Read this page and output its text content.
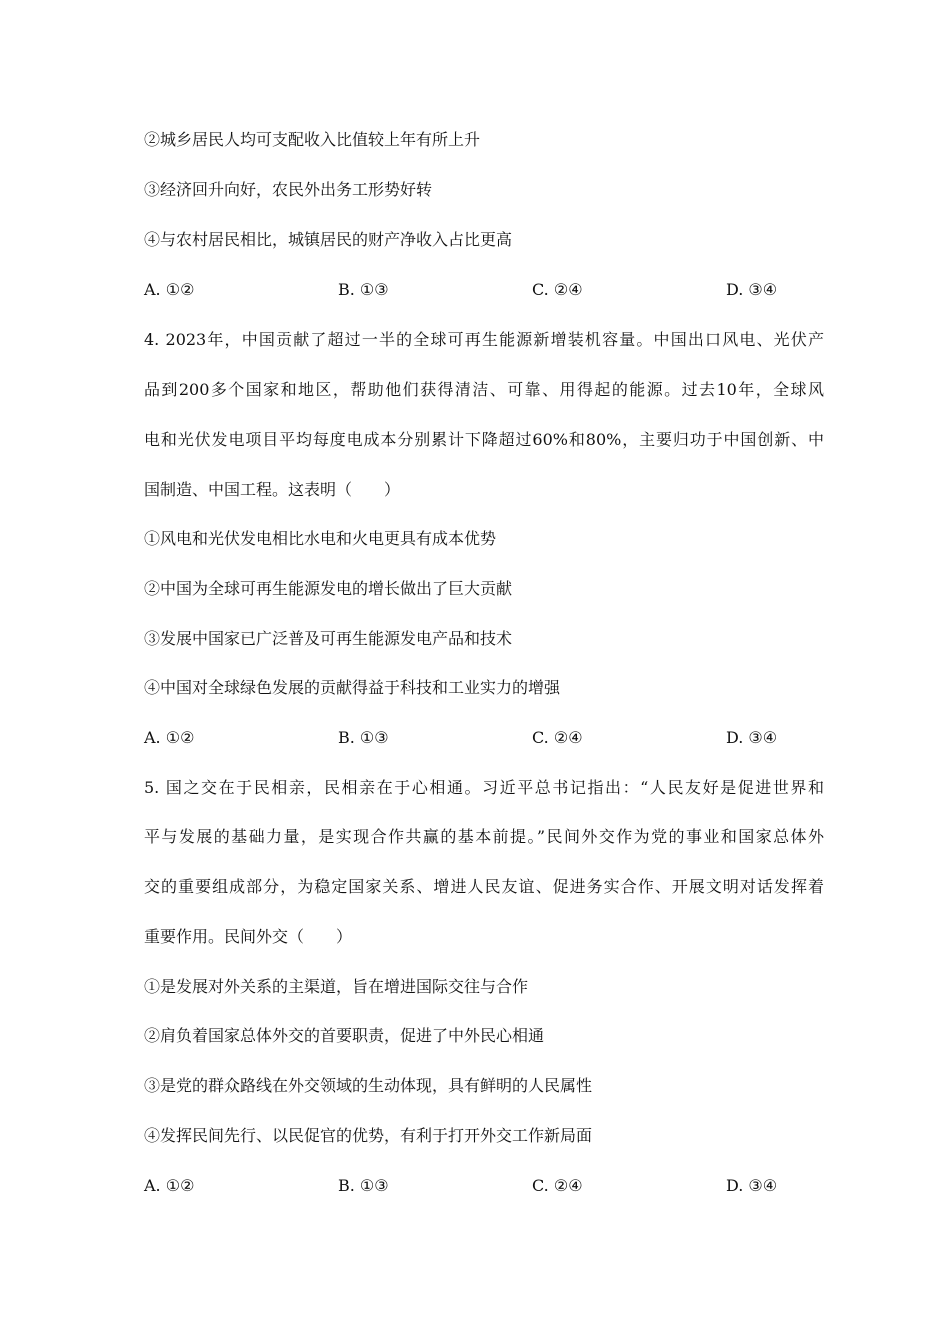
②城乡居民人均可支配收入比值较上年有所上升
③经济回升向好，农民外出务工形势好转
④与农村居民相比，城镇居民的财产净收入占比更高
A. ①②	B. ①③	C. ②④	D. ③④
4. 2023年，中国贡献了超过一半的全球可再生能源新增装机容量。中国出口风电、光伏产
品到200多个国家和地区，帮助他们获得清洁、可靠、用得起的能源。过去10年，全球风
电和光伏发电项目平均每度电成本分别累计下降超过60%和80%，主要归功于中国创新、中
国制造、中国工程。这表明（　　）
①风电和光伏发电相比水电和火电更具有成本优势
②中国为全球可再生能源发电的增长做出了巨大贡献
③发展中国家已广泛普及可再生能源发电产品和技术
④中国对全球绿色发展的贡献得益于科技和工业实力的增强
A. ①②	B. ①③	C. ②④	D. ③④
5. 国之交在于民相亲，民相亲在于心相通。习近平总书记指出：“人民友好是促进世界和
平与发展的基础力量，是实现合作共赢的基本前提。”民间外交作为党的事业和国家总体外
交的重要组成部分，为稳定国家关系、增进人民友谊、促进务实合作、开展文明对话发挥着
重要作用。民间外交（　　）
①是发展对外关系的主渠道，旨在增进国际交往与合作
②肩负着国家总体外交的首要职责，促进了中外民心相通
③是党的群众路线在外交领域的生动体现，具有鲜明的人民属性
④发挥民间先行、以民促官的优势，有利于打开外交工作新局面
A. ①②	B. ①③	C. ②④	D. ③④
